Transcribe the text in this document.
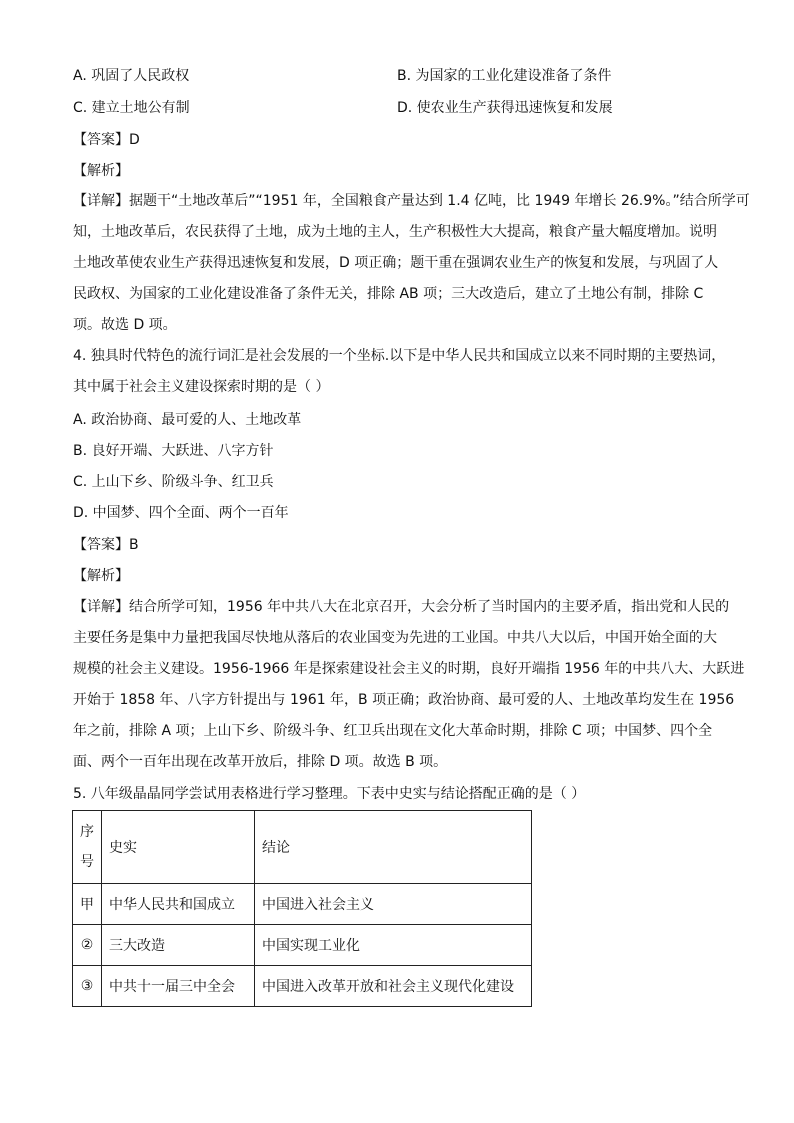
A. 巩固了人民政权	B. 为国家的工业化建设准备了条件
C. 建立土地公有制	D. 使农业生产获得迅速恢复和发展
【答案】D
【解析】
【详解】据题干“土地改革后”“1951 年，全国粮食产量达到 1.4 亿吨，比 1949 年增长 26.9%。”结合所学可
知，土地改革后，农民获得了土地，成为土地的主人，生产积极性大大提高，粮食产量大幅度增加。说明
土地改革使农业生产获得迅速恢复和发展，D 项正确；题干重在强调农业生产的恢复和发展，与巩固了人
民政权、为国家的工业化建设准备了条件无关，排除 AB 项；三大改造后，建立了土地公有制，排除 C
项。故选 D 项。
4. 独具时代特色的流行词汇是社会发展的一个坐标.以下是中华人民共和国成立以来不同时期的主要热词，
其中属于社会主义建设探索时期的是（ ）
A. 政治协商、最可爱的人、土地改革
B. 良好开端、大跃进、八字方针
C. 上山下乡、阶级斗争、红卫兵
D. 中国梦、四个全面、两个一百年
【答案】B
【解析】
【详解】结合所学可知，1956 年中共八大在北京召开，大会分析了当时国内的主要矛盾，指出党和人民的
主要任务是集中力量把我国尽快地从落后的农业国变为先进的工业国。中共八大以后，中国开始全面的大
规模的社会主义建设。1956-1966 年是探索建设社会主义的时期，良好开端指 1956 年的中共八大、大跃进
开始于 1858 年、八字方针提出与 1961 年，B 项正确；政治协商、最可爱的人、土地改革均发生在 1956
年之前，排除 A 项；上山下乡、阶级斗争、红卫兵出现在文化大革命时期，排除 C 项；中国梦、四个全
面、两个一百年出现在改革开放后，排除 D 项。故选 B 项。
5. 八年级晶晶同学尝试用表格进行学习整理。下表中史实与结论搭配正确的是（ ）
序
号	史实	结论
甲	中华人民共和国成立	中国进入社会主义
②	三大改造	中国实现工业化
③	中共十一届三中全会	中国进入改革开放和社会主义现代化建设
